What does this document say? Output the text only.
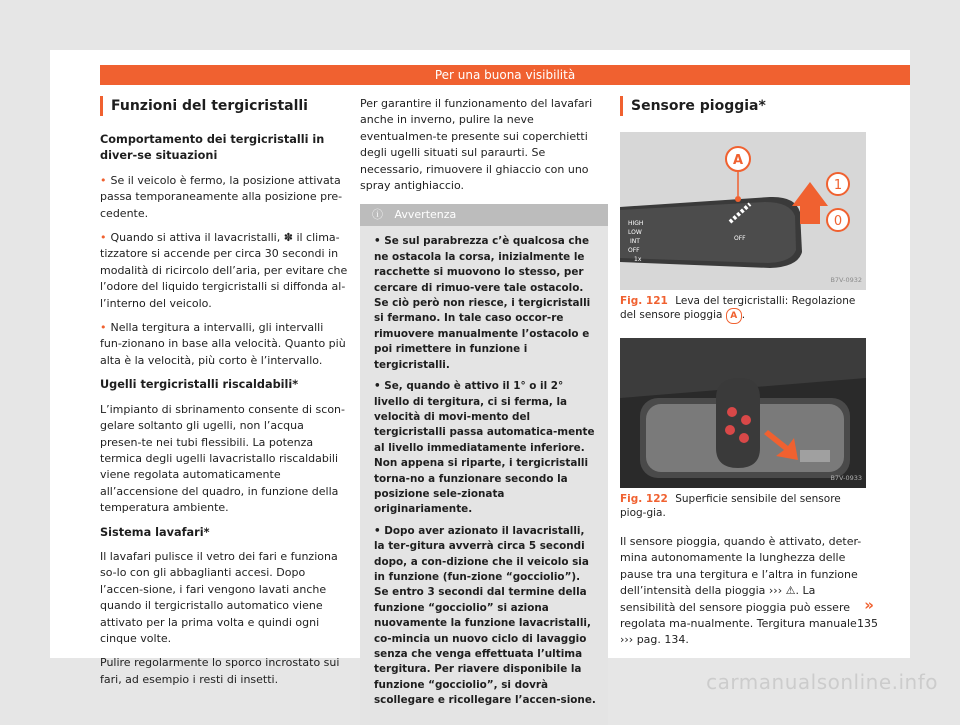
Per una buona visibilità
Funzioni del tergicristalli

Comportamento dei tergicristalli in diver-se situazioni

• Se il veicolo è fermo, la posizione attivata passa temporaneamente alla posizione pre-cedente.

• Quando si attiva il lavacristalli, ✽ il clima-tizzatore si accende per circa 30 secondi in modalità di ricircolo dell’aria, per evitare che l’odore del liquido tergicristalli si diffonda al-l’interno del veicolo.

• Nella tergitura a intervalli, gli intervalli fun-zionano in base alla velocità. Quanto più alta è la velocità, più corto è l’intervallo.

Ugelli tergicristalli riscaldabili*

L’impianto di sbrinamento consente di scon-gelare soltanto gli ugelli, non l’acqua presen-te nei tubi flessibili. La potenza termica degli ugelli lavacristallo riscaldabili viene regolata automaticamente all’accensione del quadro, in funzione della temperatura ambiente.

Sistema lavafari*

Il lavafari pulisce il vetro dei fari e funziona so-lo con gli abbaglianti accesi. Dopo l’accen-sione, i fari vengono lavati anche quando il tergicristallo automatico viene attivato per la prima volta e quindi ogni cinque volte.

Pulire regolarmente lo sporco incrostato sui fari, ad esempio i resti di insetti.

Per garantire il funzionamento del lavafari anche in inverno, pulire la neve eventualmen-te presente sui coperchietti degli ugelli situati sul paraurti. Se necessario, rimuovere il ghiaccio con uno spray antighiaccio.

ⓘ Avvertenza

• Se sul parabrezza c’è qualcosa che ne ostacola la corsa, inizialmente le racchette si muovono lo stesso, per cercare di rimuo-vere tale ostacolo. Se ciò però non riesce, i tergicristalli si fermano. In tale caso occor-re rimuovere manualmente l’ostacolo e poi rimettere in funzione i tergicristalli.

• Se, quando è attivo il 1° o il 2° livello di tergitura, ci si ferma, la velocità di movi-mento del tergicristalli passa automatica-mente al livello immediatamente inferiore. Non appena si riparte, i tergicristalli torna-no a funzionare secondo la posizione sele-zionata originariamente.

• Dopo aver azionato il lavacristalli, la ter-gitura avverrà circa 5 secondi dopo, a con-dizione che il veicolo sia in funzione (fun-zione “gocciolio”). Se entro 3 secondi dal termine della funzione “gocciolio” si aziona nuovamente la funzione lavacristalli, co-mincia un nuovo ciclo di lavaggio senza che venga effettuata l’ultima tergitura. Per riavere disponibile la funzione “gocciolio”, si dovrà scollegare e ricollegare l’accen-sione.

Sensore pioggia*
HIGH
LOW
INT
OFF
1x
OFF
A
1
0
B7V-0932
Fig. 121 Leva del tergicristalli: Regolazione del sensore pioggia A .
B7V-0933
Fig. 122 Superficie sensibile del sensore piog-gia.

Il sensore pioggia, quando è attivato, deter-mina autonomamente la lunghezza delle pause tra una tergitura e l’altra in funzione dell’intensità della pioggia ››› ⚠. La sensibilità del sensore pioggia può essere regolata ma-nualmente. Tergitura manuale ››› pag. 134.

»
135
carmanualsonline.info
